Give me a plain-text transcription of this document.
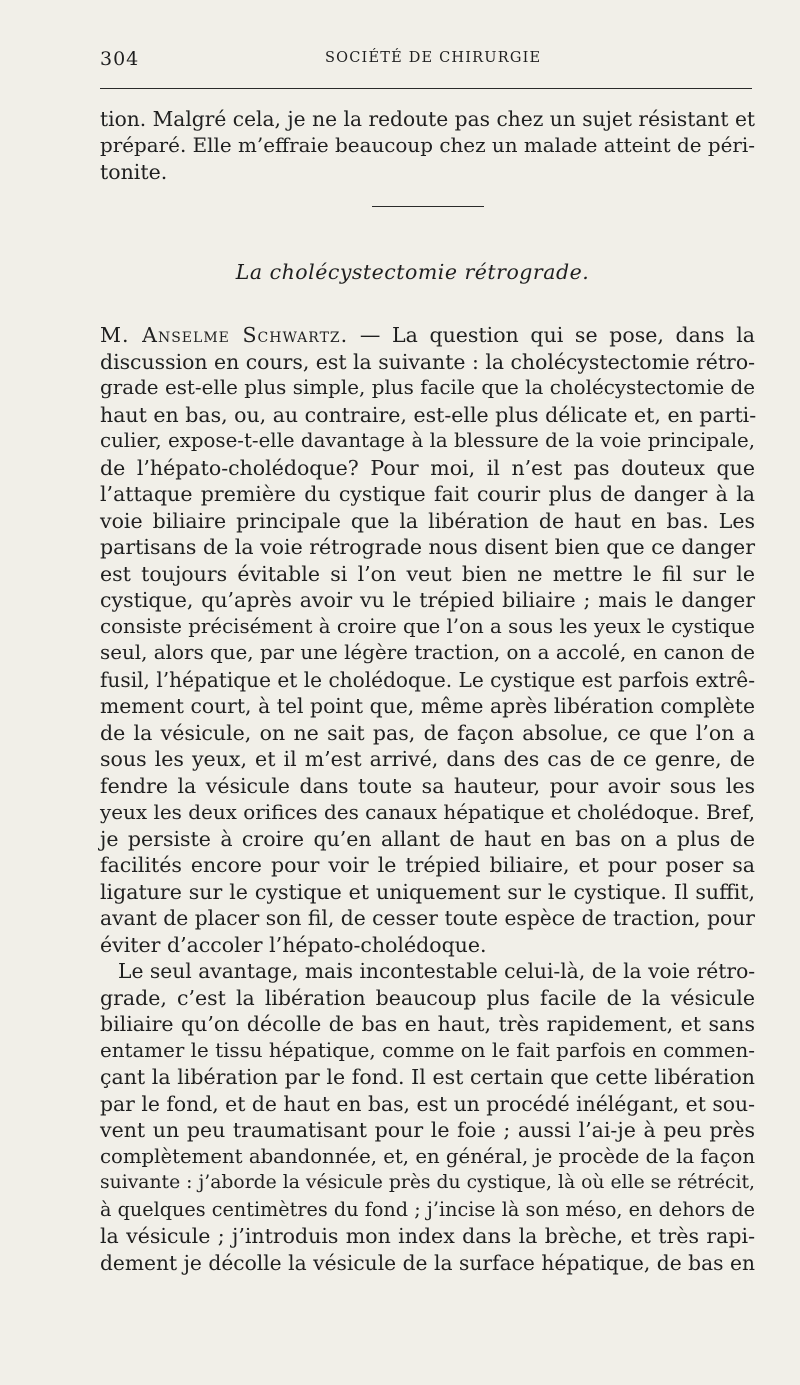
304	SOCIÉTÉ DE CHIRURGIE
tion. Malgré cela, je ne la redoute pas chez un sujet résistant et
préparé. Elle m’effraie beaucoup chez un malade atteint de péri-
tonite.
La cholécystectomie rétrograde.
M. Anselme Schwartz. — La question qui se pose, dans la
discussion en cours, est la suivante : la cholécystectomie rétro-
grade est-elle plus simple, plus facile que la cholécystectomie de
haut en bas, ou, au contraire, est-elle plus délicate et, en parti-
culier, expose-t-elle davantage à la blessure de la voie principale,
de l’hépato-cholédoque? Pour moi, il n’est pas douteux que
l’attaque première du cystique fait courir plus de danger à la
voie biliaire principale que la libération de haut en bas. Les
partisans de la voie rétrograde nous disent bien que ce danger
est toujours évitable si l’on veut bien ne mettre le fil sur le
cystique, qu’après avoir vu le trépied biliaire ; mais le danger
consiste précisément à croire que l’on a sous les yeux le cystique
seul, alors que, par une légère traction, on a accolé, en canon de
fusil, l’hépatique et le cholédoque. Le cystique est parfois extrê-
mement court, à tel point que, même après libération complète
de la vésicule, on ne sait pas, de façon absolue, ce que l’on a
sous les yeux, et il m’est arrivé, dans des cas de ce genre, de
fendre la vésicule dans toute sa hauteur, pour avoir sous les
yeux les deux orifices des canaux hépatique et cholédoque. Bref,
je persiste à croire qu’en allant de haut en bas on a plus de
facilités encore pour voir le trépied biliaire, et pour poser sa
ligature sur le cystique et uniquement sur le cystique. Il suffit,
avant de placer son fil, de cesser toute espèce de traction, pour
éviter d’accoler l’hépato-cholédoque.
Le seul avantage, mais incontestable celui-là, de la voie rétro-
grade, c’est la libération beaucoup plus facile de la vésicule
biliaire qu’on décolle de bas en haut, très rapidement, et sans
entamer le tissu hépatique, comme on le fait parfois en commen-
çant la libération par le fond. Il est certain que cette libération
par le fond, et de haut en bas, est un procédé inélégant, et sou-
vent un peu traumatisant pour le foie ; aussi l’ai-je à peu près
complètement abandonnée, et, en général, je procède de la façon
suivante : j’aborde la vésicule près du cystique, là où elle se rétrécit,
à quelques centimètres du fond ; j’incise là son méso, en dehors de
la vésicule ; j’introduis mon index dans la brèche, et très rapi-
dement je décolle la vésicule de la surface hépatique, de bas en
